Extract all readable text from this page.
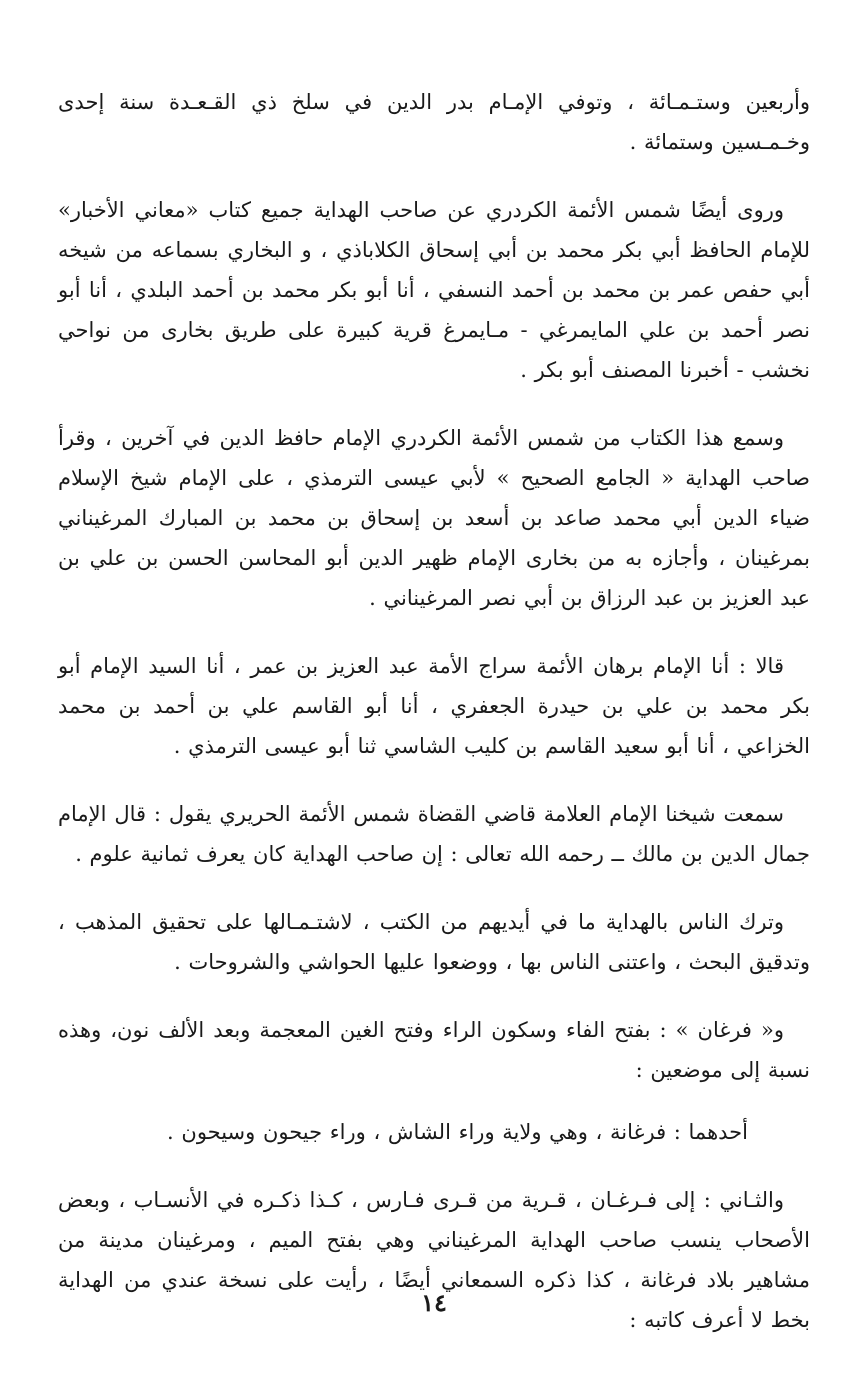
وأربعين وستـمـائة ، وتوفي الإمـام بدر الدين في سلخ ذي القـعـدة سنة إحدى وخـمـسين وستمائة .

وروى أيضًا شمس الأئمة الكردري عن صاحب الهداية جميع كتاب «معاني الأخبار» للإمام الحافظ أبي بكر محمد بن أبي إسحاق الكلاباذي ، و البخاري بسماعه من شيخه أبي حفص عمر بن محمد بن أحمد النسفي ، أنا أبو بكر محمد بن أحمد البلدي ، أنا أبو نصر أحمد بن علي المايمرغي - مـايمرغ قرية كبيرة على طريق بخارى من نواحي نخشب - أخبرنا المصنف أبو بكر .

وسمع هذا الكتاب من شمس الأئمة الكردري الإمام حافظ الدين في آخرين ، وقرأ صاحب الهداية « الجامع الصحيح » لأبي عيسى الترمذي ، على الإمام شيخ الإسلام ضياء الدين أبي محمد صاعد بن أسعد بن إسحاق بن محمد بن المبارك المرغيناني بمرغينان ، وأجازه به من بخارى الإمام ظهير الدين أبو المحاسن الحسن بن علي بن عبد العزيز بن عبد الرزاق بن أبي نصر المرغيناني .

قالا : أنا الإمام برهان الأئمة سراج الأمة عبد العزيز بن عمر ، أنا السيد الإمام أبو بكر محمد بن علي بن حيدرة الجعفري ، أنا أبو القاسم علي بن أحمد بن محمد الخزاعي ، أنا أبو سعيد القاسم بن كليب الشاسي ثنا أبو عيسى الترمذي .

سمعت شيخنا الإمام العلامة قاضي القضاة شمس الأئمة الحريري يقول : قال الإمام جمال الدين بن مالك ــ رحمه الله تعالى : إن صاحب الهداية كان يعرف ثمانية علوم .

وترك الناس بالهداية ما في أيديهم من الكتب ، لاشتـمـالها على تحقيق المذهب ، وتدقيق البحث ، واعتنى الناس بها ، ووضعوا عليها الحواشي والشروحات .

و« فرغان » : بفتح الفاء وسكون الراء وفتح الغين المعجمة وبعد الألف نون، وهذه نسبة إلى موضعين :

أحدهما : فرغانة ، وهي ولاية وراء الشاش ، وراء جيحون وسيحون .

والثـاني : إلى فـرغـان ، قـرية من قـرى فـارس ، كـذا ذكـره في الأنسـاب ، وبعض الأصحاب ينسب صاحب الهداية المرغيناني وهي بفتح الميم ، ومرغينان مدينة من مشاهير بلاد فرغانة ، كذا ذكره السمعاني أيضًا ، رأيت على نسخة عندي من الهداية بخط لا أعرف كاتبه :

١٤
